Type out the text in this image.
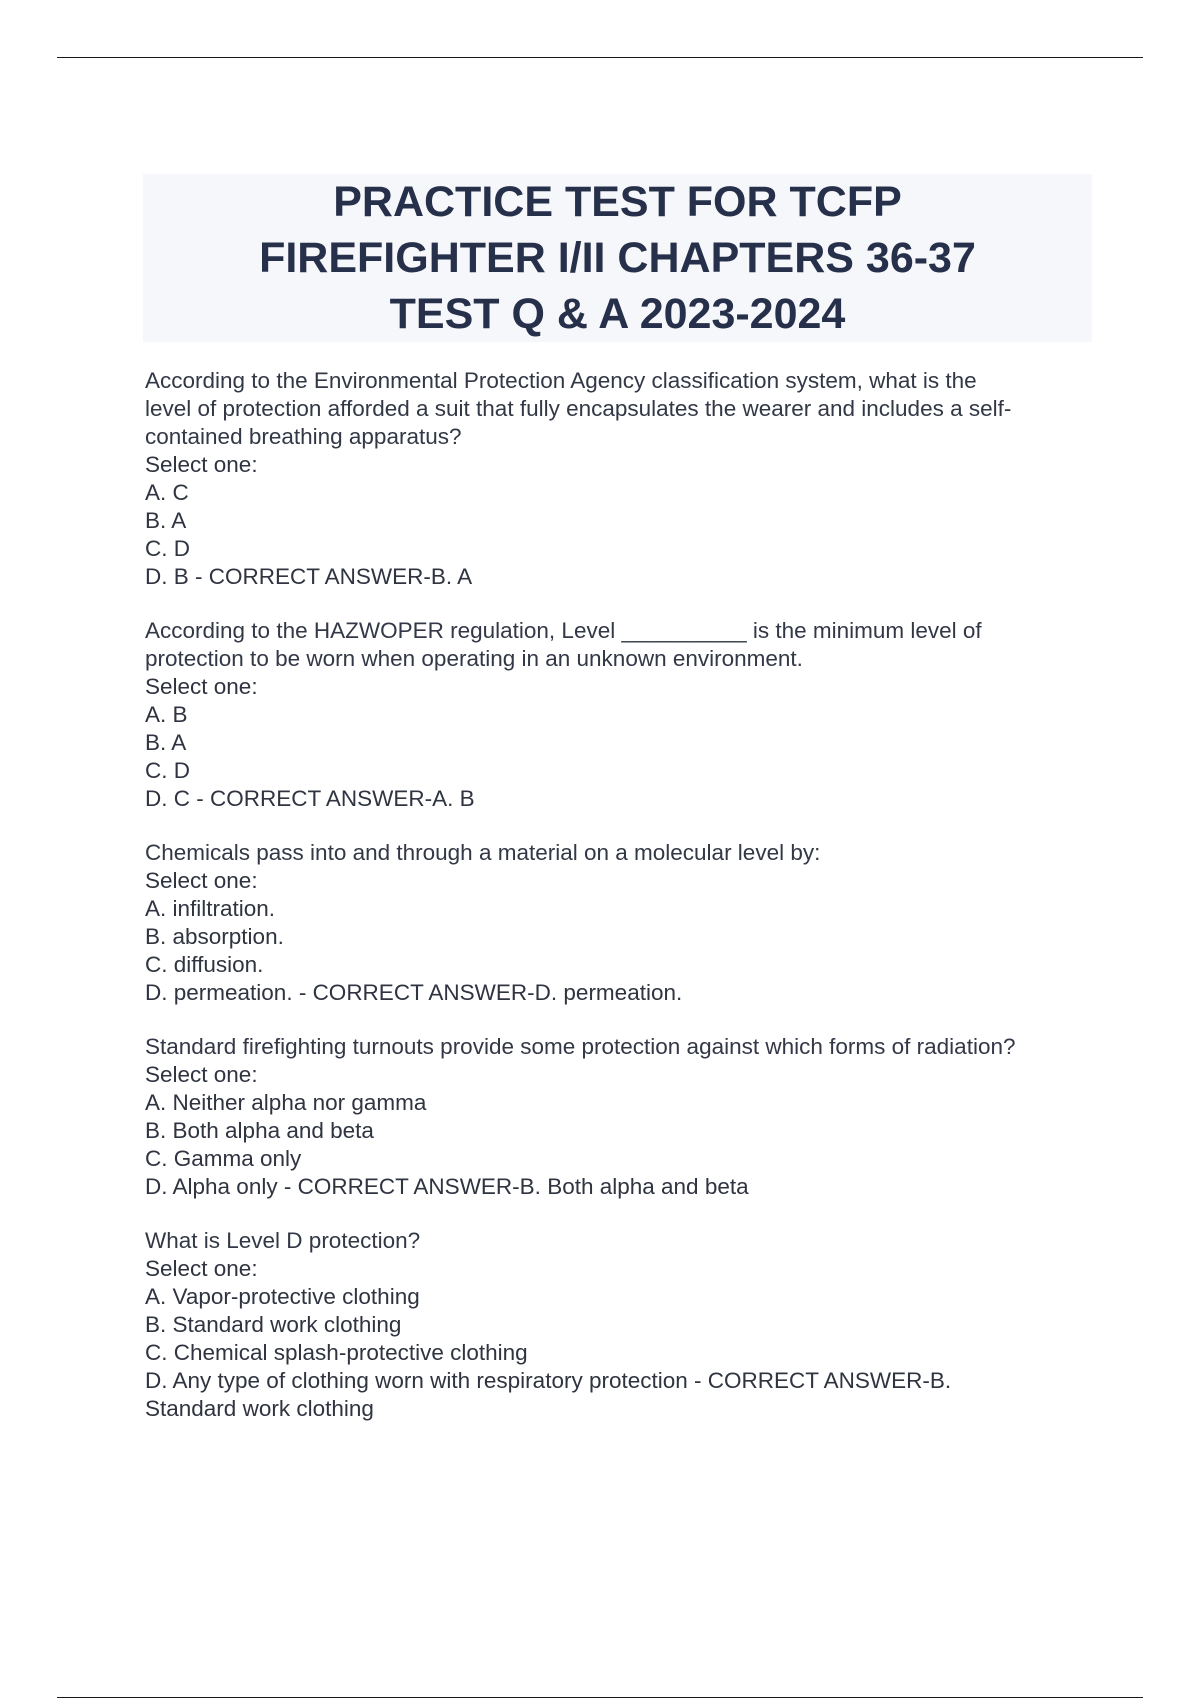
PRACTICE TEST FOR TCFP
FIREFIGHTER I/II CHAPTERS 36-37
TEST Q & A 2023-2024
According to the Environmental Protection Agency classification system, what is the
level of protection afforded a suit that fully encapsulates the wearer and includes a self-
contained breathing apparatus?
Select one:
A. C
B. A
C. D
D. B - CORRECT ANSWER-B. A
According to the HAZWOPER regulation, Level __________ is the minimum level of
protection to be worn when operating in an unknown environment.
Select one:
A. B
B. A
C. D
D. C - CORRECT ANSWER-A. B
Chemicals pass into and through a material on a molecular level by:
Select one:
A. infiltration.
B. absorption.
C. diffusion.
D. permeation. - CORRECT ANSWER-D. permeation.
Standard firefighting turnouts provide some protection against which forms of radiation?
Select one:
A. Neither alpha nor gamma
B. Both alpha and beta
C. Gamma only
D. Alpha only - CORRECT ANSWER-B. Both alpha and beta
What is Level D protection?
Select one:
A. Vapor-protective clothing
B. Standard work clothing
C. Chemical splash-protective clothing
D. Any type of clothing worn with respiratory protection - CORRECT ANSWER-B.
Standard work clothing
